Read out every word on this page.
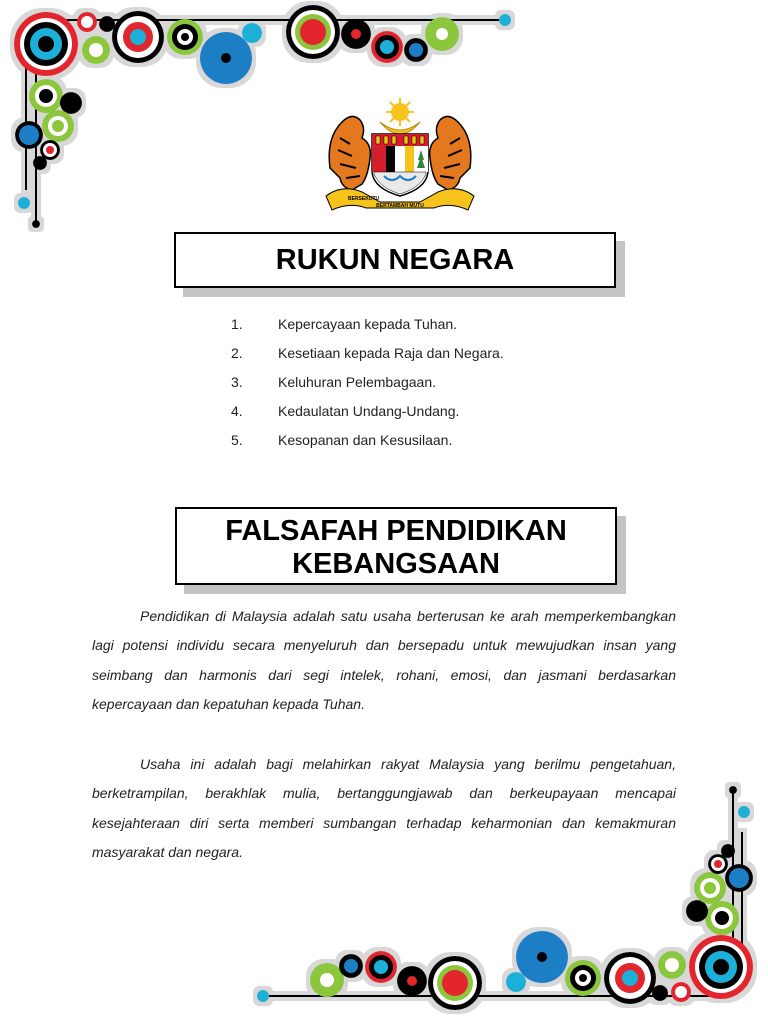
BERSEKUTU
BERTAMBAH MUTU
RUKUN NEGARA
1.	Kepercayaan kepada Tuhan.
2.	Kesetiaan kepada Raja dan Negara.
3.	Keluhuran Pelembagaan.
4.	Kedaulatan Undang-Undang.
5.	Kesopanan dan Kesusilaan.
FALSAFAH PENDIDIKAN
KEBANGSAAN

Pendidikan di Malaysia adalah satu usaha berterusan ke arah memperkembangkan lagi potensi individu secara menyeluruh dan bersepadu untuk mewujudkan insan yang seimbang dan harmonis dari segi intelek, rohani, emosi, dan jasmani berdasarkan kepercayaan dan kepatuhan kepada Tuhan.

Usaha ini adalah bagi melahirkan rakyat Malaysia yang berilmu pengetahuan, berketrampilan, berakhlak mulia, bertanggungjawab dan berkeupayaan mencapai kesejahteraan diri serta memberi sumbangan terhadap keharmonian dan kemakmuran masyarakat dan negara.
